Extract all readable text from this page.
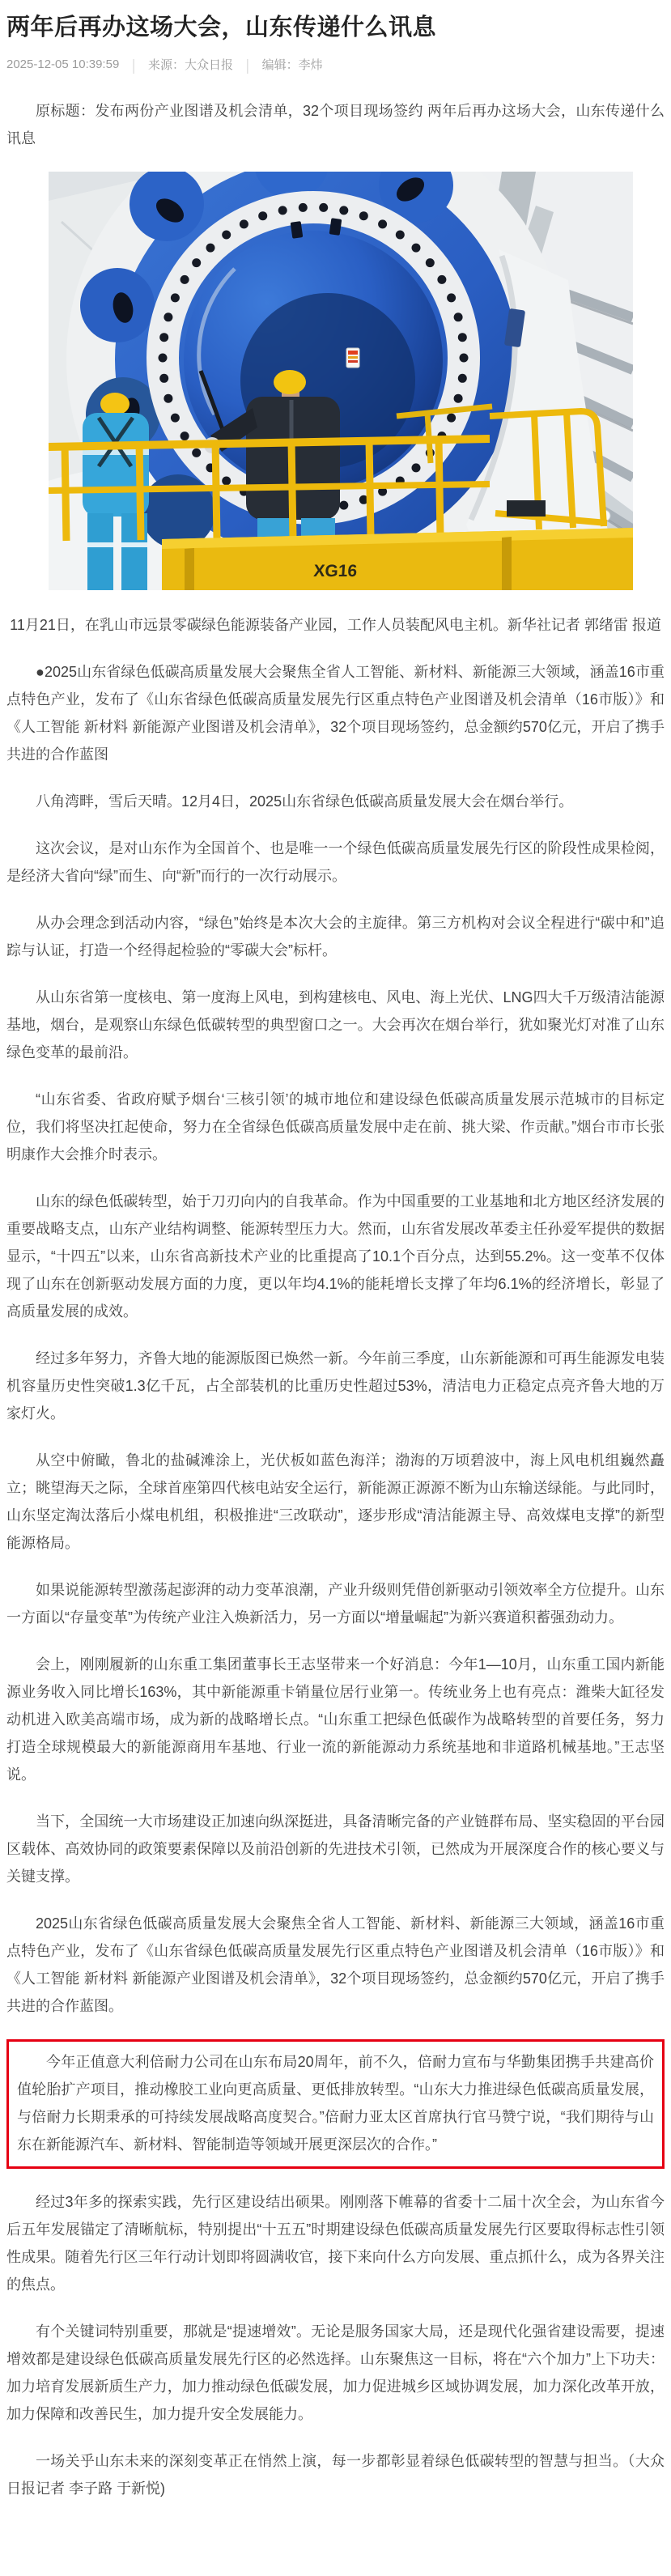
两年后再办这场大会，山东传递什么讯息
2025-12-05 10:39:59 | 来源：大众日报 | 编辑：李炜

原标题：发布两份产业图谱及机会清单，32个项目现场签约 两年后再办这场大会，山东传递什么讯息

XG16
11月21日，在乳山市远景零碳绿色能源装备产业园，工作人员装配风电主机。新华社记者 郭绪雷 报道

●2025山东省绿色低碳高质量发展大会聚焦全省人工智能、新材料、新能源三大领域，涵盖16市重点特色产业，发布了《山东省绿色低碳高质量发展先行区重点特色产业图谱及机会清单（16市版）》和《人工智能 新材料 新能源产业图谱及机会清单》，32个项目现场签约，总金额约570亿元，开启了携手共进的合作蓝图

八角湾畔，雪后天晴。12月4日，2025山东省绿色低碳高质量发展大会在烟台举行。

这次会议，是对山东作为全国首个、也是唯一一个绿色低碳高质量发展先行区的阶段性成果检阅，是经济大省向“绿”而生、向“新”而行的一次行动展示。

从办会理念到活动内容，“绿色”始终是本次大会的主旋律。第三方机构对会议全程进行“碳中和”追踪与认证，打造一个经得起检验的“零碳大会”标杆。

从山东省第一度核电、第一度海上风电，到构建核电、风电、海上光伏、LNG四大千万级清洁能源基地，烟台，是观察山东绿色低碳转型的典型窗口之一。大会再次在烟台举行，犹如聚光灯对准了山东绿色变革的最前沿。

“山东省委、省政府赋予烟台‘三核引领’的城市地位和建设绿色低碳高质量发展示范城市的目标定位，我们将坚决扛起使命，努力在全省绿色低碳高质量发展中走在前、挑大梁、作贡献。”烟台市市长张明康作大会推介时表示。

山东的绿色低碳转型，始于刀刃向内的自我革命。作为中国重要的工业基地和北方地区经济发展的重要战略支点，山东产业结构调整、能源转型压力大。然而，山东省发展改革委主任孙爱军提供的数据显示，“十四五”以来，山东省高新技术产业的比重提高了10.1个百分点，达到55.2%。这一变革不仅体现了山东在创新驱动发展方面的力度，更以年均4.1%的能耗增长支撑了年均6.1%的经济增长，彰显了高质量发展的成效。

经过多年努力，齐鲁大地的能源版图已焕然一新。今年前三季度，山东新能源和可再生能源发电装机容量历史性突破1.3亿千瓦，占全部装机的比重历史性超过53%，清洁电力正稳定点亮齐鲁大地的万家灯火。

从空中俯瞰，鲁北的盐碱滩涂上，光伏板如蓝色海洋；渤海的万顷碧波中，海上风电机组巍然矗立；眺望海天之际，全球首座第四代核电站安全运行，新能源正源源不断为山东输送绿能。与此同时，山东坚定淘汰落后小煤电机组，积极推进“三改联动”，逐步形成“清洁能源主导、高效煤电支撑”的新型能源格局。

如果说能源转型激荡起澎湃的动力变革浪潮，产业升级则凭借创新驱动引领效率全方位提升。山东一方面以“存量变革”为传统产业注入焕新活力，另一方面以“增量崛起”为新兴赛道积蓄强劲动力。

会上，刚刚履新的山东重工集团董事长王志坚带来一个好消息：今年1—10月，山东重工国内新能源业务收入同比增长163%，其中新能源重卡销量位居行业第一。传统业务上也有亮点：潍柴大缸径发动机进入欧美高端市场，成为新的战略增长点。“山东重工把绿色低碳作为战略转型的首要任务，努力打造全球规模最大的新能源商用车基地、行业一流的新能源动力系统基地和非道路机械基地。”王志坚说。

当下，全国统一大市场建设正加速向纵深挺进，具备清晰完备的产业链群布局、坚实稳固的平台园区载体、高效协同的政策要素保障以及前沿创新的先进技术引领，已然成为开展深度合作的核心要义与关键支撑。

2025山东省绿色低碳高质量发展大会聚焦全省人工智能、新材料、新能源三大领域，涵盖16市重点特色产业，发布了《山东省绿色低碳高质量发展先行区重点特色产业图谱及机会清单（16市版）》和《人工智能 新材料 新能源产业图谱及机会清单》，32个项目现场签约，总金额约570亿元，开启了携手共进的合作蓝图。

今年正值意大利倍耐力公司在山东布局20周年，前不久，倍耐力宣布与华勤集团携手共建高价值轮胎扩产项目，推动橡胶工业向更高质量、更低排放转型。“山东大力推进绿色低碳高质量发展，与倍耐力长期秉承的可持续发展战略高度契合。”倍耐力亚太区首席执行官马赞宁说，“我们期待与山东在新能源汽车、新材料、智能制造等领域开展更深层次的合作。”

经过3年多的探索实践，先行区建设结出硕果。刚刚落下帷幕的省委十二届十次全会，为山东省今后五年发展锚定了清晰航标，特别提出“十五五”时期建设绿色低碳高质量发展先行区要取得标志性引领性成果。随着先行区三年行动计划即将圆满收官，接下来向什么方向发展、重点抓什么，成为各界关注的焦点。

有个关键词特别重要，那就是“提速增效”。无论是服务国家大局，还是现代化强省建设需要，提速增效都是建设绿色低碳高质量发展先行区的必然选择。山东聚焦这一目标，将在“六个加力”上下功夫：加力培育发展新质生产力，加力推动绿色低碳发展，加力促进城乡区域协调发展，加力深化改革开放，加力保障和改善民生，加力提升安全发展能力。

一场关乎山东未来的深刻变革正在悄然上演，每一步都彰显着绿色低碳转型的智慧与担当。（大众日报记者 李子路 于新悦)
